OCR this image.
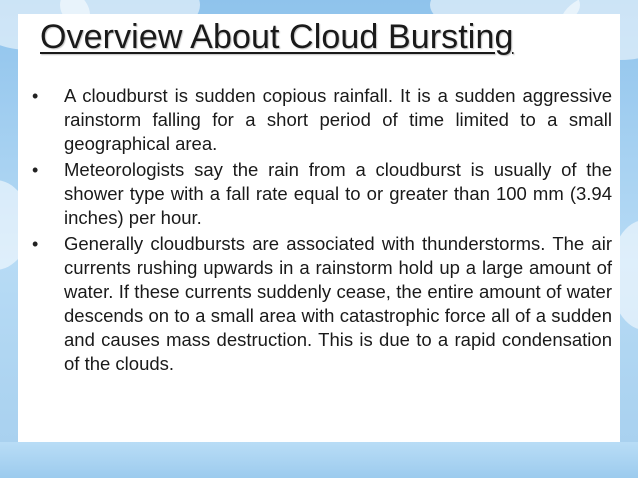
Overview About Cloud Bursting
• A cloudburst is sudden copious rainfall. It is a sudden aggressive rainstorm falling for a short period of time limited to a small geographical area.
• Meteorologists say the rain from a cloudburst is usually of the shower type with a fall rate equal to or greater than 100 mm (3.94 inches) per hour.
• Generally cloudbursts are associated with thunderstorms. The air currents rushing upwards in a rainstorm hold up a large amount of water. If these currents suddenly cease, the entire amount of water descends on to a small area with catastrophic force all of a sudden and causes mass destruction. This is due to a rapid condensation of the clouds.
